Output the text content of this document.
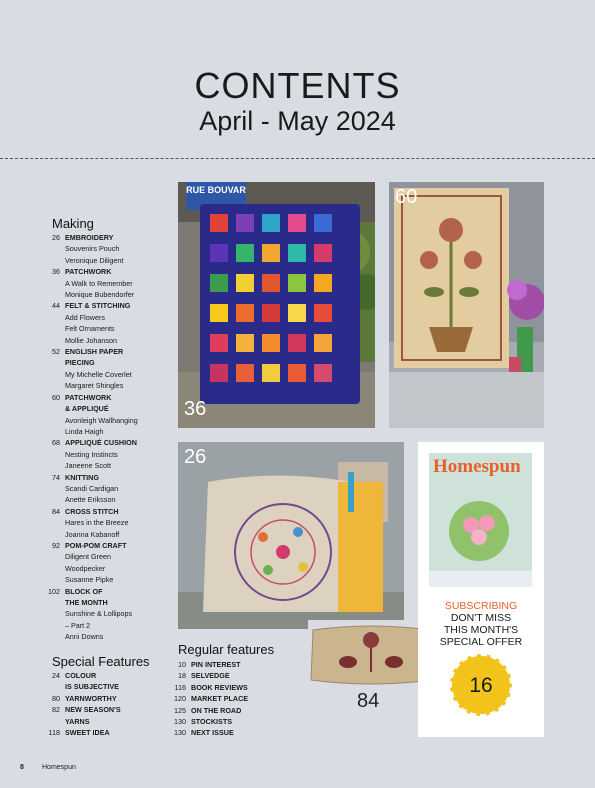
CONTENTS
April - May 2024
Making
26 EMBROIDERY
Souvenirs Pouch
Veronique Diligent
36 PATCHWORK
A Walk to Remember
Monique Bubendorfer
44 FELT & STITCHING
Add Flowers
Felt Ornaments
Mollie Johanson
52 ENGLISH PAPER
PIECING
My Michelle Coverlet
Margaret Shingles
60 PATCHWORK
& APPLIQUÉ
Avonleigh Wallhanging
Linda Haigh
68 APPLIQUÉ CUSHION
Nesting Instincts
Janeene Scott
74 KNITTING
Scandi Cardigan
Anette Eriksson
84 CROSS STITCH
Hares in the Breeze
Joanna Kabanoff
92 POM-POM CRAFT
Diligent Green
Woodpecker
Susanne Pipke
102 BLOCK OF
THE MONTH
Sunshine & Lollipops
– Part 2
Anni Downs
Special Features
24 COLOUR
IS SUBJECTIVE
80 YARNWORTHY
82 NEW SEASON'S
YARNS
118 SWEET IDEA
Regular features
10 PIN INTEREST
18 SELVEDGE
116 BOOK REVIEWS
120 MARKET PLACE
125 ON THE ROAD
130 STOCKISTS
130 NEXT ISSUE
RUE BOUVAR
36
60
26
84
Homespun
SUBSCRIBING
DON'T MISS
THIS MONTH'S
SPECIAL OFFER
16
8	Homespun
